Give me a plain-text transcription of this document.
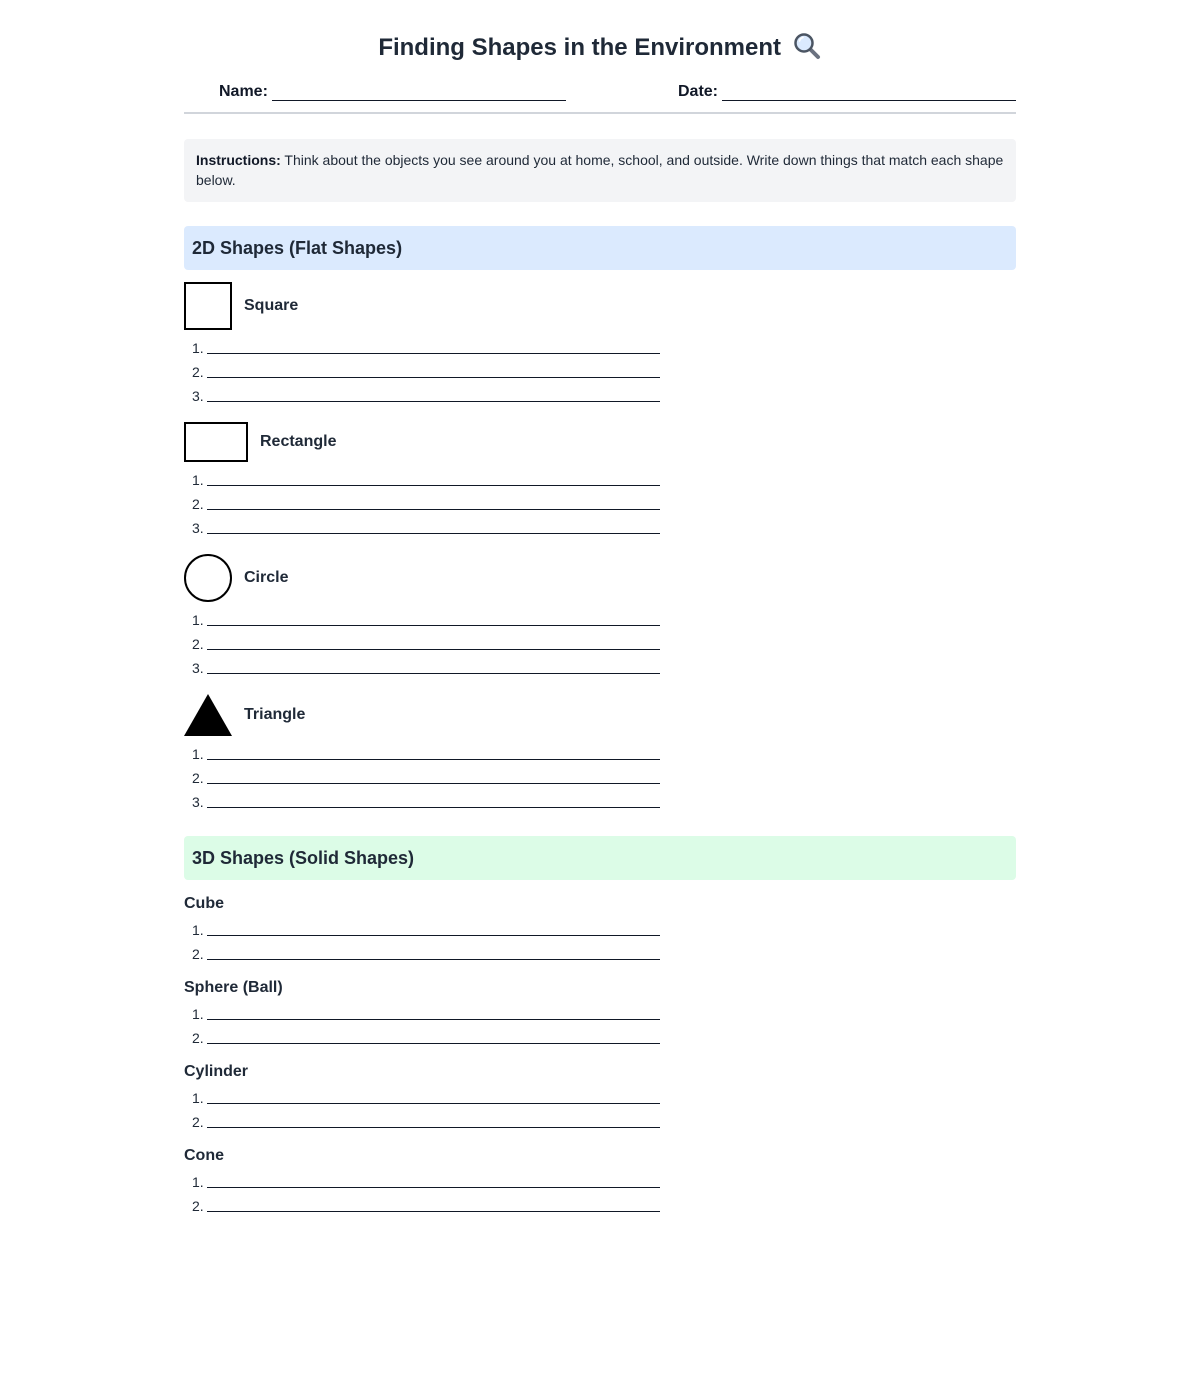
Finding Shapes in the Environment
Name:	Date:
Instructions: Think about the objects you see around you at home, school, and outside. Write down things that match each shape below.
2D Shapes (Flat Shapes)
Square
1.
2.
3.
Rectangle
1.
2.
3.
Circle
1.
2.
3.
Triangle
1.
2.
3.
3D Shapes (Solid Shapes)
Cube
1.
2.
Sphere (Ball)
1.
2.
Cylinder
1.
2.
Cone
1.
2.
